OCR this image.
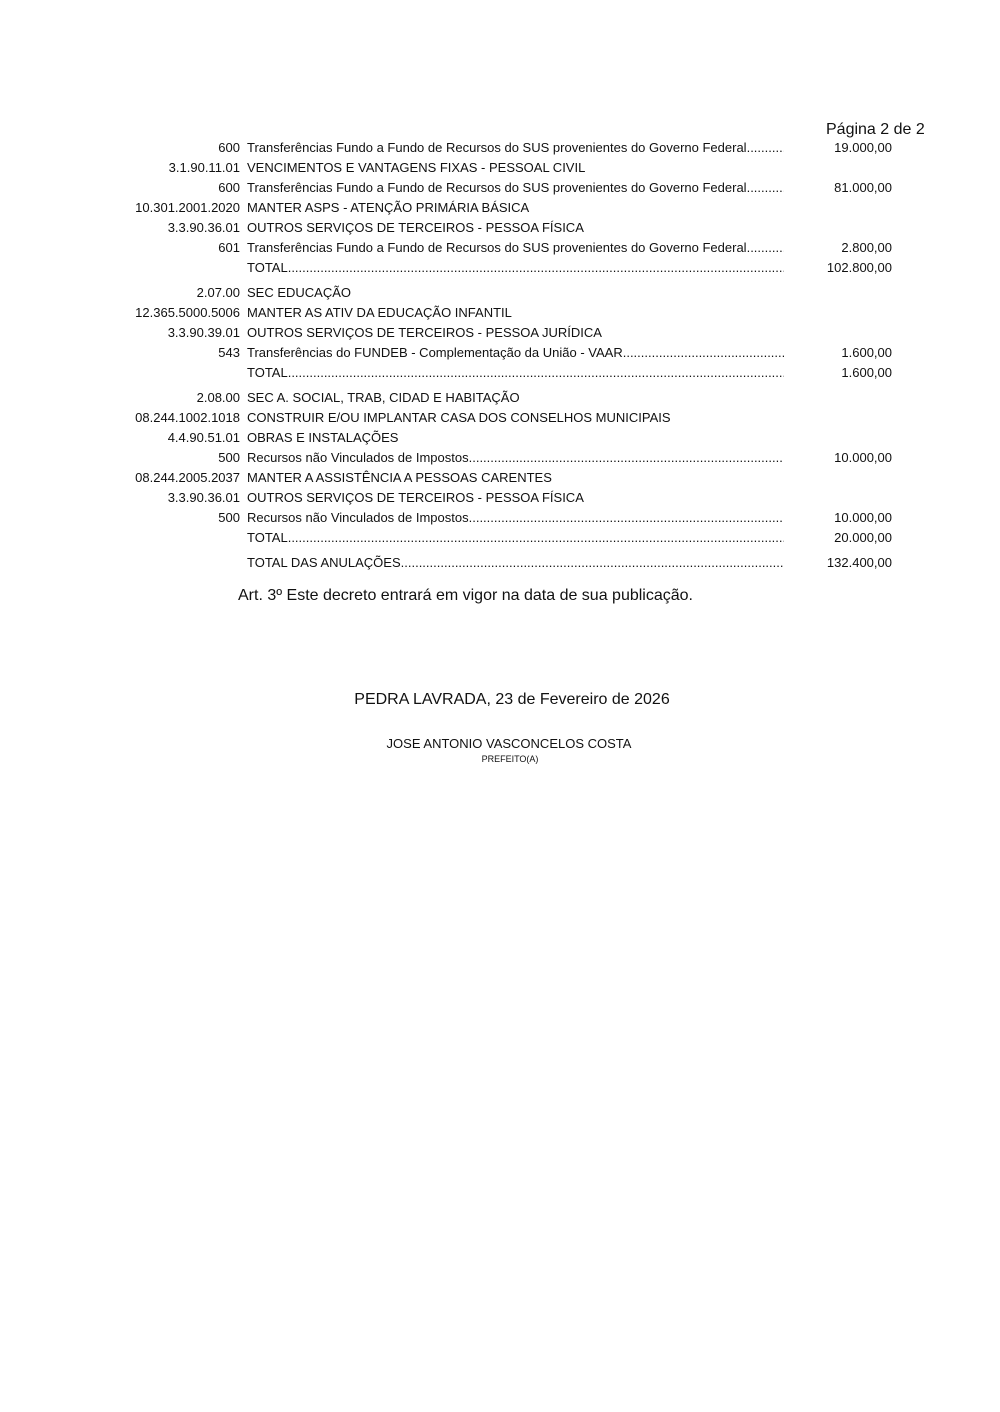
Página 2 de 2
600 Transferências Fundo a Fundo de Recursos do SUS provenientes do Governo Federal .....	19.000,00
3.1.90.11.01 VENCIMENTOS E VANTAGENS FIXAS - PESSOAL CIVIL
600 Transferências Fundo a Fundo de Recursos do SUS provenientes do Governo Federal .....	81.000,00
10.301.2001.2020 MANTER ASPS - ATENÇÃO PRIMÁRIA BÁSICA
3.3.90.36.01 OUTROS SERVIÇOS DE TERCEIROS - PESSOA FÍSICA
601 Transferências Fundo a Fundo de Recursos do SUS provenientes do Governo Federal .....	2.800,00
TOTAL .....	102.800,00
2.07.00 SEC EDUCAÇÃO
12.365.5000.5006 MANTER AS ATIV DA EDUCAÇÃO INFANTIL
3.3.90.39.01 OUTROS SERVIÇOS DE TERCEIROS - PESSOA JURÍDICA
543 Transferências do FUNDEB - Complementação da União - VAAR .....	1.600,00
TOTAL .....	1.600,00
2.08.00 SEC A. SOCIAL, TRAB, CIDAD E HABITAÇÃO
08.244.1002.1018 CONSTRUIR E/OU IMPLANTAR CASA DOS CONSELHOS MUNICIPAIS
4.4.90.51.01 OBRAS E INSTALAÇÕES
500 Recursos não Vinculados de Impostos .....	10.000,00
08.244.2005.2037 MANTER A ASSISTÊNCIA A PESSOAS CARENTES
3.3.90.36.01 OUTROS SERVIÇOS DE TERCEIROS - PESSOA FÍSICA
500 Recursos não Vinculados de Impostos .....	10.000,00
TOTAL .....	20.000,00
TOTAL DAS ANULAÇÕES .....	132.400,00
Art. 3º Este decreto entrará em vigor na data de sua publicação.
PEDRA LAVRADA, 23 de Fevereiro de 2026
JOSE ANTONIO VASCONCELOS COSTA
PREFEITO(A)
